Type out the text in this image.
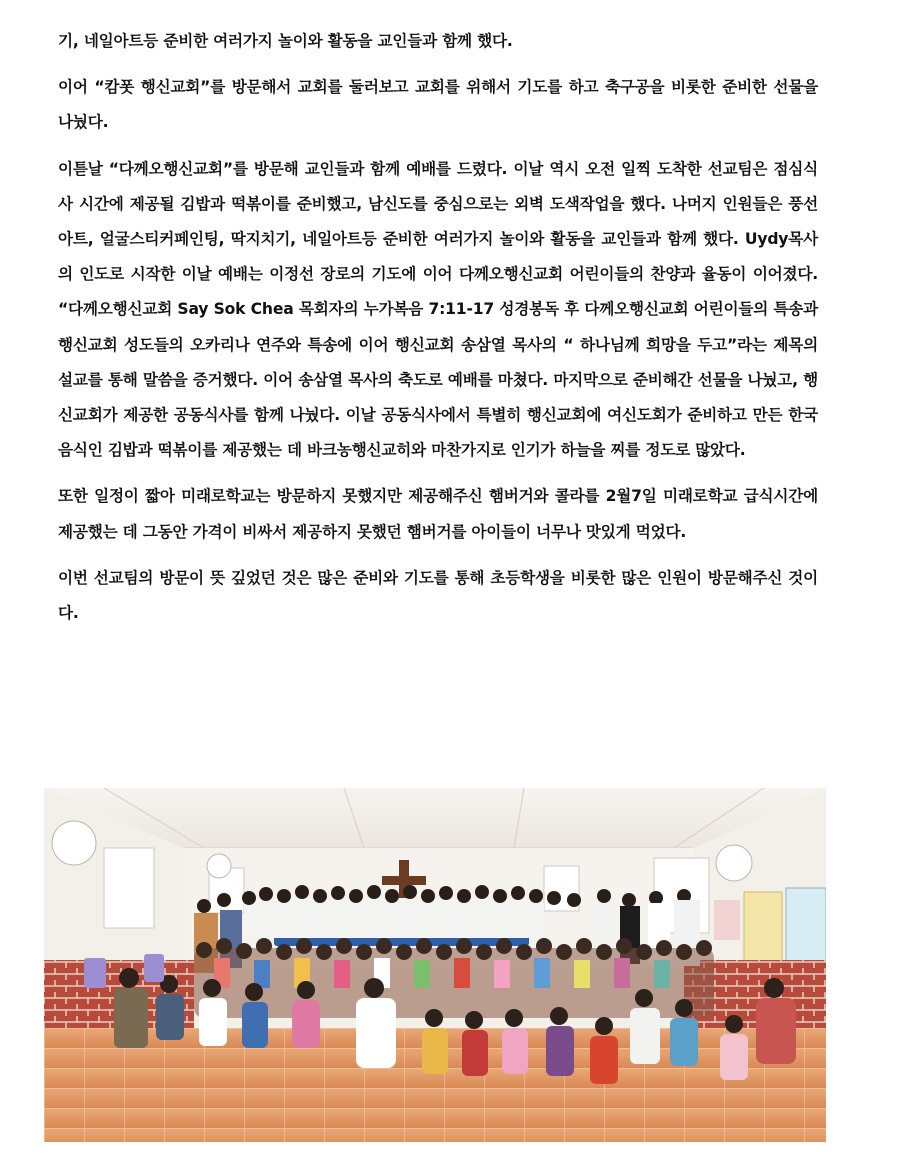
기, 네일아트등 준비한 여러가지 놀이와 활동을 교인들과 함께 했다.

이어 “캄폿 행신교회”를 방문해서 교회를 둘러보고 교회를 위해서 기도를 하고 축구공을 비롯한 준비한 선물을 나눴다.

이튿날 “다께오행신교회”를 방문해 교인들과 함께 예배를 드렸다. 이날 역시 오전 일찍 도착한 선교팀은 점심식사 시간에 제공될 김밥과 떡볶이를 준비했고, 남신도를 중심으로는 외벽 도색작업을 했다. 나머지 인원들은 풍선아트, 얼굴스티커페인팅, 딱지치기, 네일아트등 준비한 여러가지 놀이와 활동을 교인들과 함께 했다. Uydy목사의 인도로 시작한 이날 예배는 이정선 장로의 기도에 이어 다께오행신교회 어린이들의 찬양과 율동이 이어졌다. “다께오행신교회 Say Sok Chea 목회자의 누가복음 7:11-17 성경봉독 후 다께오행신교회 어린이들의 특송과 행신교회 성도들의 오카리나 연주와 특송에 이어 행신교회 송삼열 목사의 “ 하나님께 희망을 두고”라는 제목의 설교를 통해 말씀을 증거했다. 이어 송삼열 목사의 축도로 예배를 마쳤다. 마지막으로 준비해간 선물을 나눴고, 행신교회가 제공한 공동식사를 함께 나눴다. 이날 공동식사에서 특별히 행신교회에 여신도회가 준비하고 만든 한국음식인 김밥과 떡볶이를 제공했는 데 바크농행신교히와 마찬가지로 인기가 하늘을 찌를 정도로 많았다.

또한 일정이 짧아 미래로학교는 방문하지 못했지만 제공해주신 햄버거와 콜라를 2월7일 미래로학교 급식시간에 제공했는 데 그동안 가격이 비싸서 제공하지 못했던 햄버거를 아이들이 너무나 맛있게 먹었다.

이번 선교팀의 방문이 뜻 깊었던 것은 많은 준비와 기도를 통해 초등학생을 비롯한 많은 인원이 방문해주신 것이다.
